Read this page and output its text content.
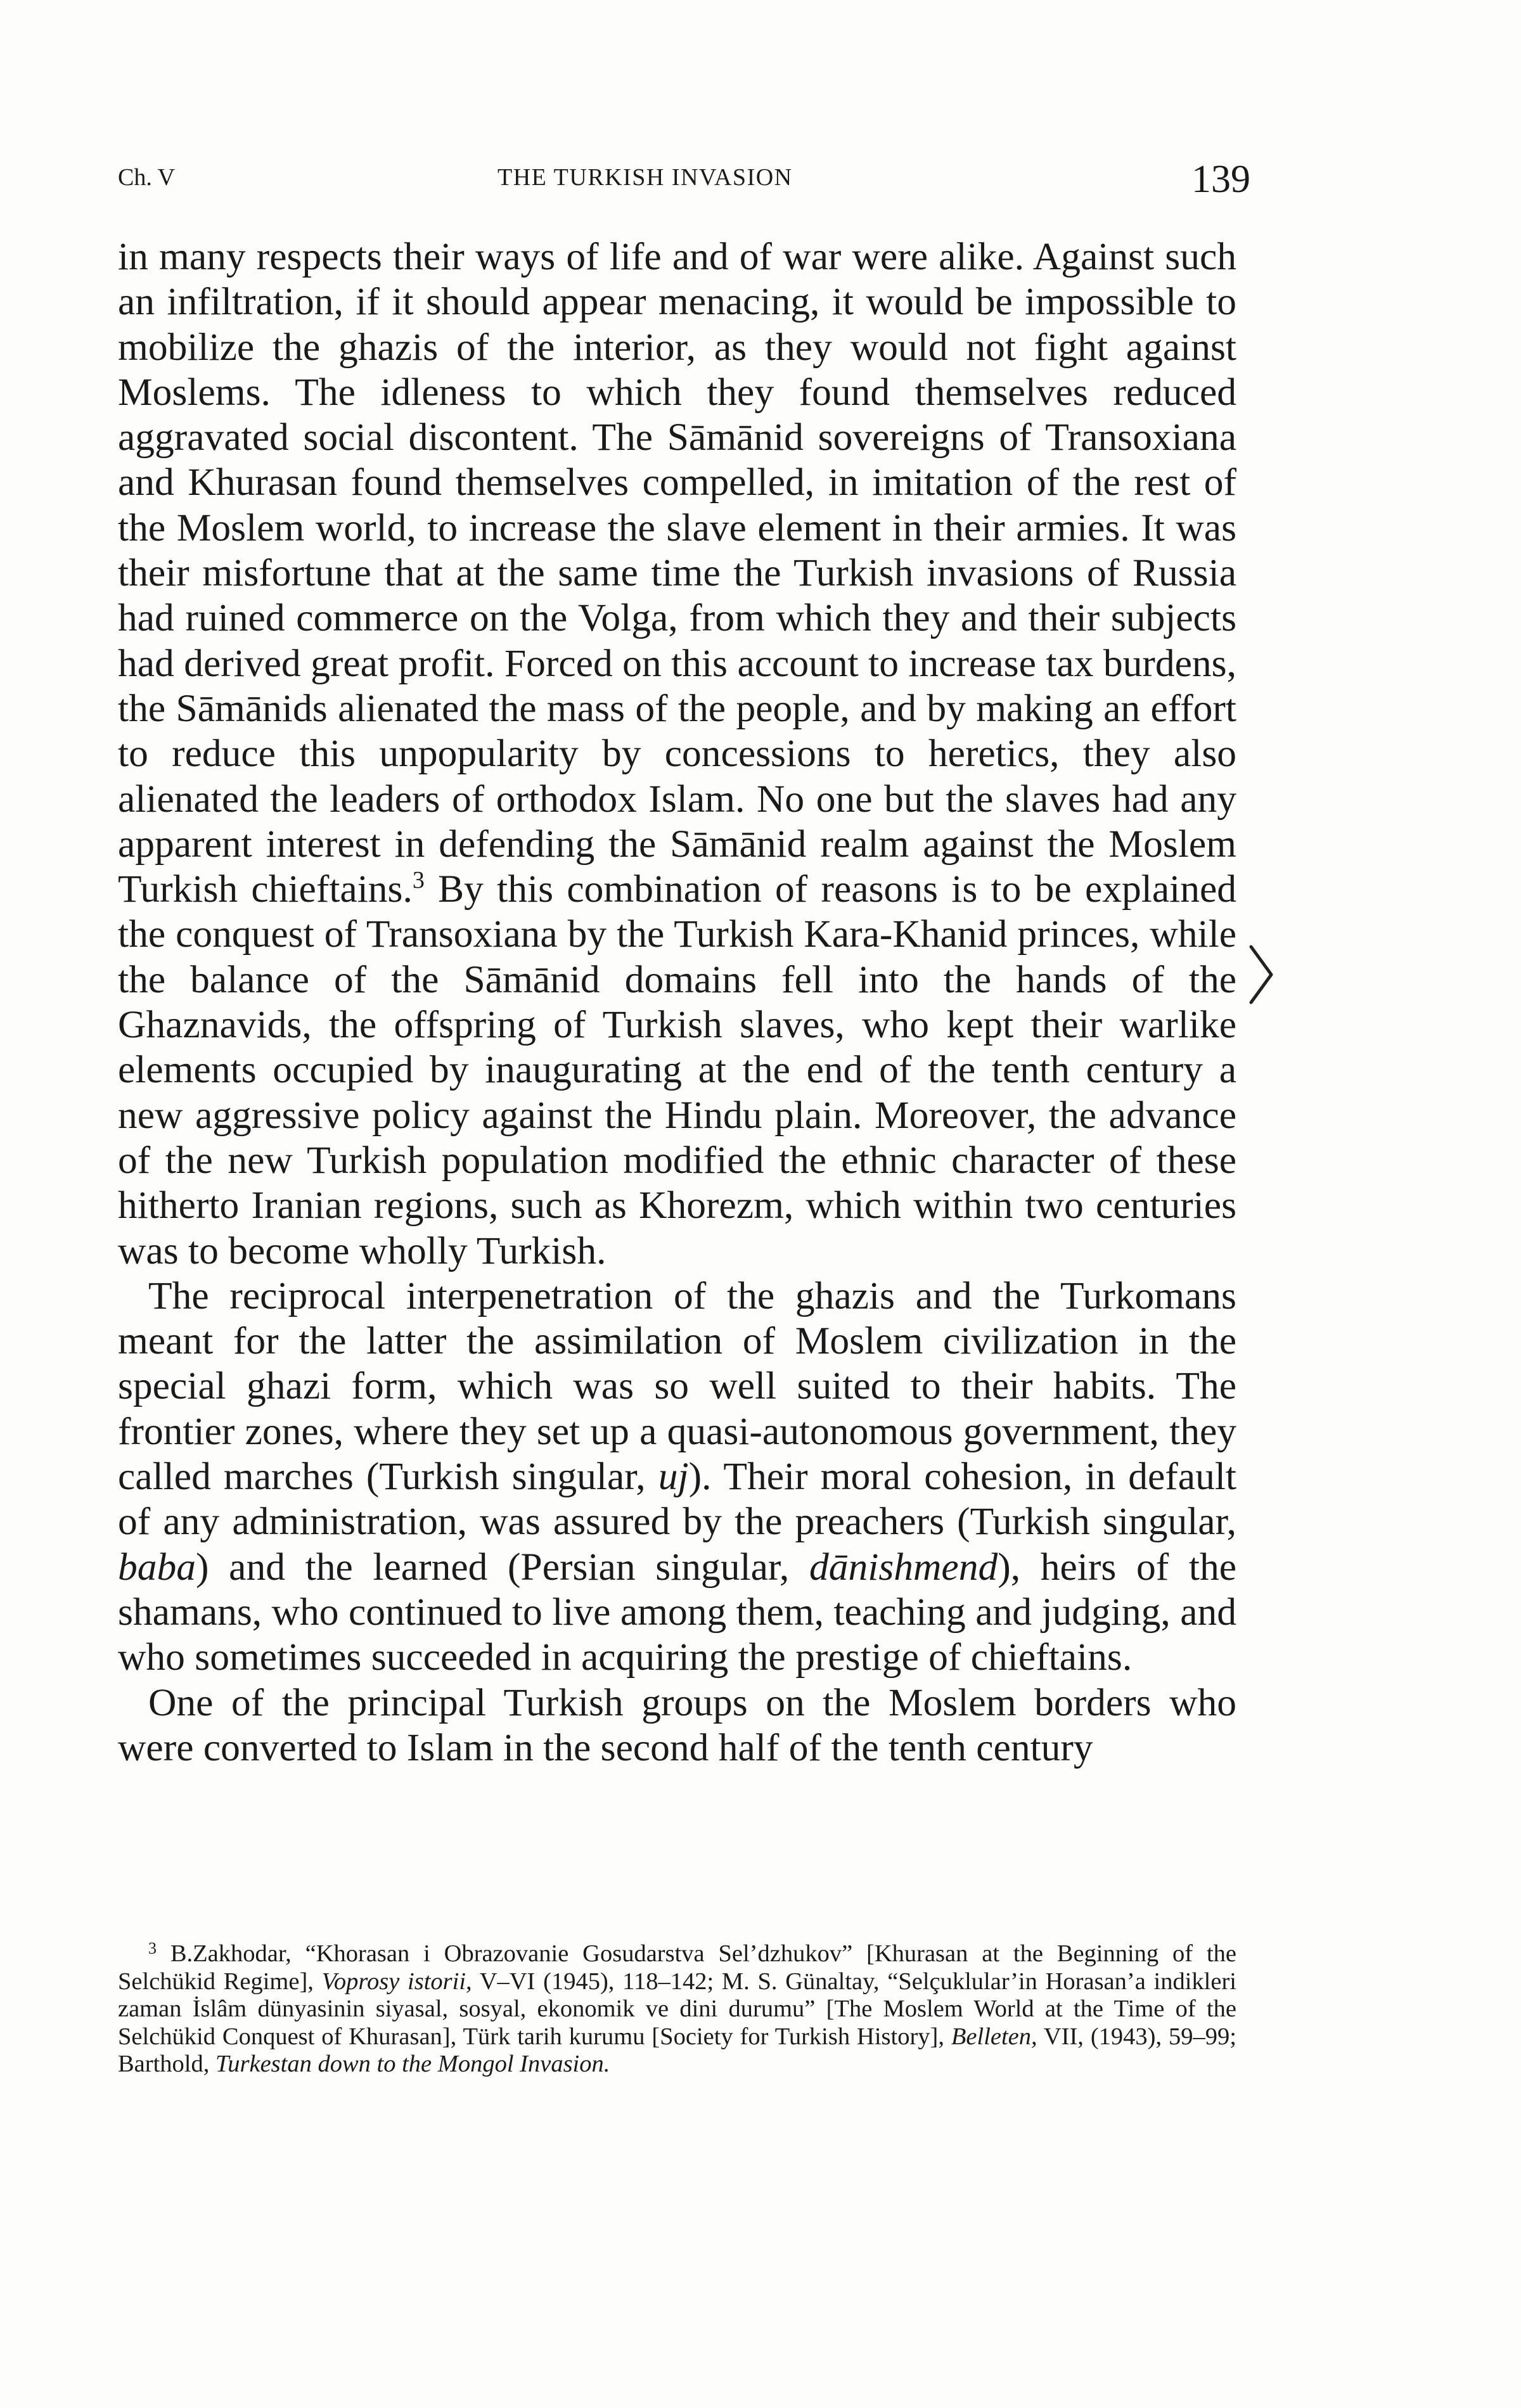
Ch. V	THE TURKISH INVASION	139

in many respects their ways of life and of war were alike. Against such an infiltration, if it should appear menacing, it would be impossible to mobilize the ghazis of the interior, as they would not fight against Moslems. The idleness to which they found themselves reduced aggravated social discontent. The Sāmānid sovereigns of Transoxiana and Khurasan found themselves compelled, in imitation of the rest of the Moslem world, to increase the slave element in their armies. It was their misfortune that at the same time the Turkish invasions of Russia had ruined commerce on the Volga, from which they and their subjects had derived great profit. Forced on this account to increase tax burdens, the Sāmānids alienated the mass of the people, and by making an effort to reduce this unpopularity by concessions to heretics, they also alienated the leaders of orthodox Islam. No one but the slaves had any apparent interest in defending the Sāmānid realm against the Moslem Turkish chieftains.$^3$ By this combination of reasons is to be explained the conquest of Transoxiana by the Turkish Kara-Khanid princes, while the balance of the Sāmānid domains fell into the hands of the Ghaznavids, the offspring of Turkish slaves, who kept their warlike elements occupied by inaugurating at the end of the tenth century a new aggressive policy against the Hindu plain. Moreover, the advance of the new Turkish population modified the ethnic character of these hitherto Iranian regions, such as Khorezm, which within two centuries was to become wholly Turkish.

The reciprocal interpenetration of the ghazis and the Turkomans meant for the latter the assimilation of Moslem civilization in the special ghazi form, which was so well suited to their habits. The frontier zones, where they set up a quasi-autonomous government, they called marches (Turkish singular, uj). Their moral cohesion, in default of any administration, was assured by the preachers (Turkish singular, baba) and the learned (Persian singular, dānishmend), heirs of the shamans, who continued to live among them, teaching and judging, and who sometimes succeeded in acquiring the prestige of chieftains.

One of the principal Turkish groups on the Moslem borders who were converted to Islam in the second half of the tenth century

$^3$ B.Zakhodar, “Khorasan i Obrazovanie Gosudarstva Sel’dzhukov” [Khurasan at the Beginning of the Selchükid Regime], Voprosy istorii, V–VI (1945), 118–142; M. S. Günaltay, “Selçuklular’in Horasan’a indikleri zaman İslâm dünyasinin siyasal, sosyal, ekonomik ve dini durumu” [The Moslem World at the Time of the Selchükid Conquest of Khurasan], Türk tarih kurumu [Society for Turkish History], Belleten, VII, (1943), 59–99; Barthold, Turkestan down to the Mongol Invasion.
